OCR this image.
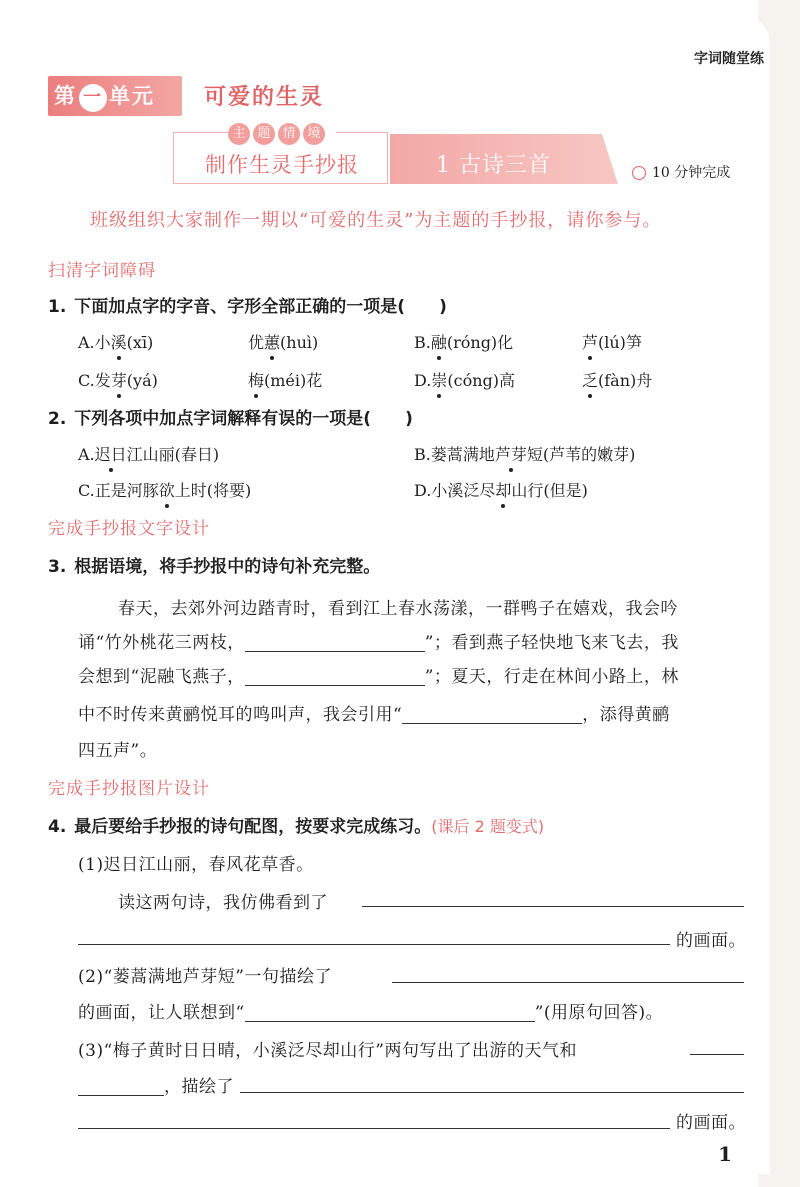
字词随堂练
第 一 单元	可爱的生灵
主 题 情 境
制作生灵手抄报	1 古诗三首	10 分钟完成
班级组织大家制作一期以“可爱的生灵”为主题的手抄报，请你参与。
扫清字词障碍
1. 下面加点字的字音、字形全部正确的一项是(　　)
A.小溪(xī)	优蕙(huì)	B.融(róng)化	芦(lú)笋
C.发芽(yá)	梅(méi)花	D.崇(cóng)高	乏(fàn)舟
2. 下列各项中加点字词解释有误的一项是(　　)
A.迟日江山丽(春日)	B.蒌蒿满地芦芽短(芦苇的嫩芽)
C.正是河豚欲上时(将要)	D.小溪泛尽却山行(但是)
完成手抄报文字设计
3. 根据语境，将手抄报中的诗句补充完整。
春天，去郊外河边踏青时，看到江上春水荡漾，一群鸭子在嬉戏，我会吟
诵“竹外桃花三两枝，	”；看到燕子轻快地飞来飞去，我
会想到“泥融飞燕子，	”；夏天，行走在林间小路上，林
中不时传来黄鹂悦耳的鸣叫声，我会引用“	，添得黄鹂
四五声”。
完成手抄报图片设计
4. 最后要给手抄报的诗句配图，按要求完成练习。(课后 2 题变式)
(1)迟日江山丽，春风花草香。
读这两句诗，我仿佛看到了
的画面。
(2)“蒌蒿满地芦芽短”一句描绘了
的画面，让人联想到“	”(用原句回答)。
(3)“梅子黄时日日晴，小溪泛尽却山行”两句写出了出游的天气和
，描绘了
的画面。
1
